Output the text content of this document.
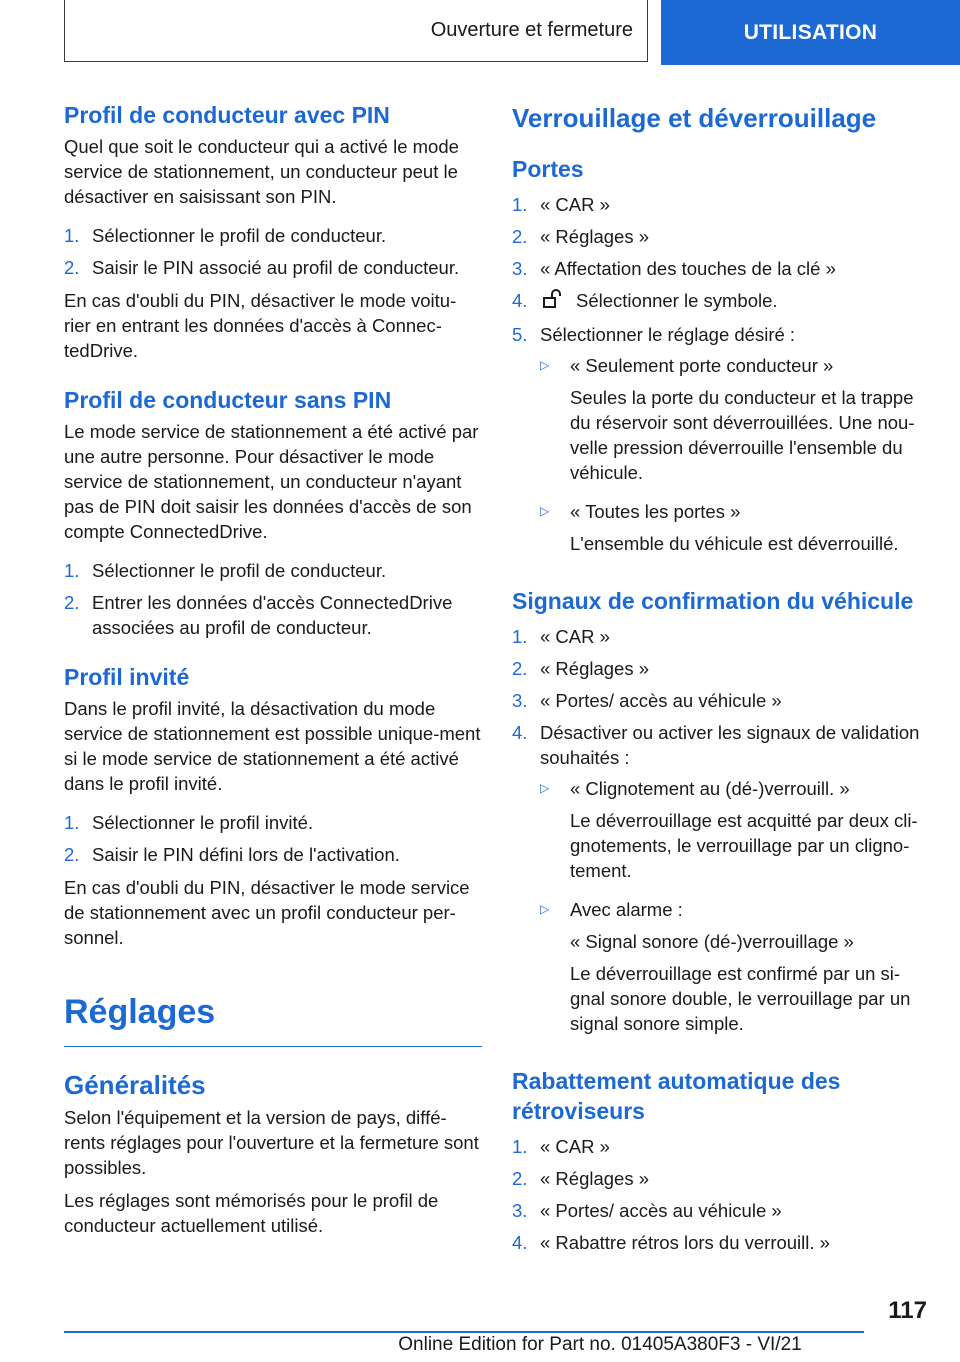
Ouverture et fermeture	UTILISATION
Profil de conducteur avec PIN

Quel que soit le conducteur qui a activé le mode service de stationnement, un conducteur peut le désactiver en saisissant son PIN.

1. Sélectionner le profil de conducteur.
2. Saisir le PIN associé au profil de conducteur.

En cas d'oubli du PIN, désactiver le mode voitu-rier en entrant les données d'accès à Connec-tedDrive.

Profil de conducteur sans PIN

Le mode service de stationnement a été activé par une autre personne. Pour désactiver le mode service de stationnement, un conducteur n'ayant pas de PIN doit saisir les données d'accès de son compte ConnectedDrive.

1. Sélectionner le profil de conducteur.
2. Entrer les données d'accès ConnectedDrive associées au profil de conducteur.
Profil invité

Dans le profil invité, la désactivation du mode service de stationnement est possible unique-ment si le mode service de stationnement a été activé dans le profil invité.

1. Sélectionner le profil invité.
2. Saisir le PIN défini lors de l'activation.

En cas d'oubli du PIN, désactiver le mode service de stationnement avec un profil conducteur per-sonnel.

Réglages
Généralités

Selon l'équipement et la version de pays, diffé-rents réglages pour l'ouverture et la fermeture sont possibles.

Les réglages sont mémorisés pour le profil de conducteur actuellement utilisé.

Verrouillage et déverrouillage
Portes
1. « CAR »
2. « Réglages »
3. « Affectation des touches de la clé »
4.	Sélectionner le symbole.
5. Sélectionner le réglage désiré :
▷	« Seulement porte conducteur »

Seules la porte du conducteur et la trappe du réservoir sont déverrouillées. Une nou-velle pression déverrouille l'ensemble du véhicule.

▷	« Toutes les portes »

L'ensemble du véhicule est déverrouillé.

Signaux de confirmation du véhicule
1. « CAR »
2. « Réglages »
3. « Portes/ accès au véhicule »
4. Désactiver ou activer les signaux de validation souhaités :
▷	« Clignotement au (dé-)verrouill. »

Le déverrouillage est acquitté par deux cli-gnotements, le verrouillage par un cligno-tement.

▷	Avec alarme :

« Signal sonore (dé-)verrouillage »

Le déverrouillage est confirmé par un si-gnal sonore double, le verrouillage par un signal sonore simple.

Rabattement automatique des rétroviseurs
1. « CAR »
2. « Réglages »
3. « Portes/ accès au véhicule »
4. « Rabattre rétros lors du verrouill. »
117
Online Edition for Part no. 01405A380F3 - VI/21
